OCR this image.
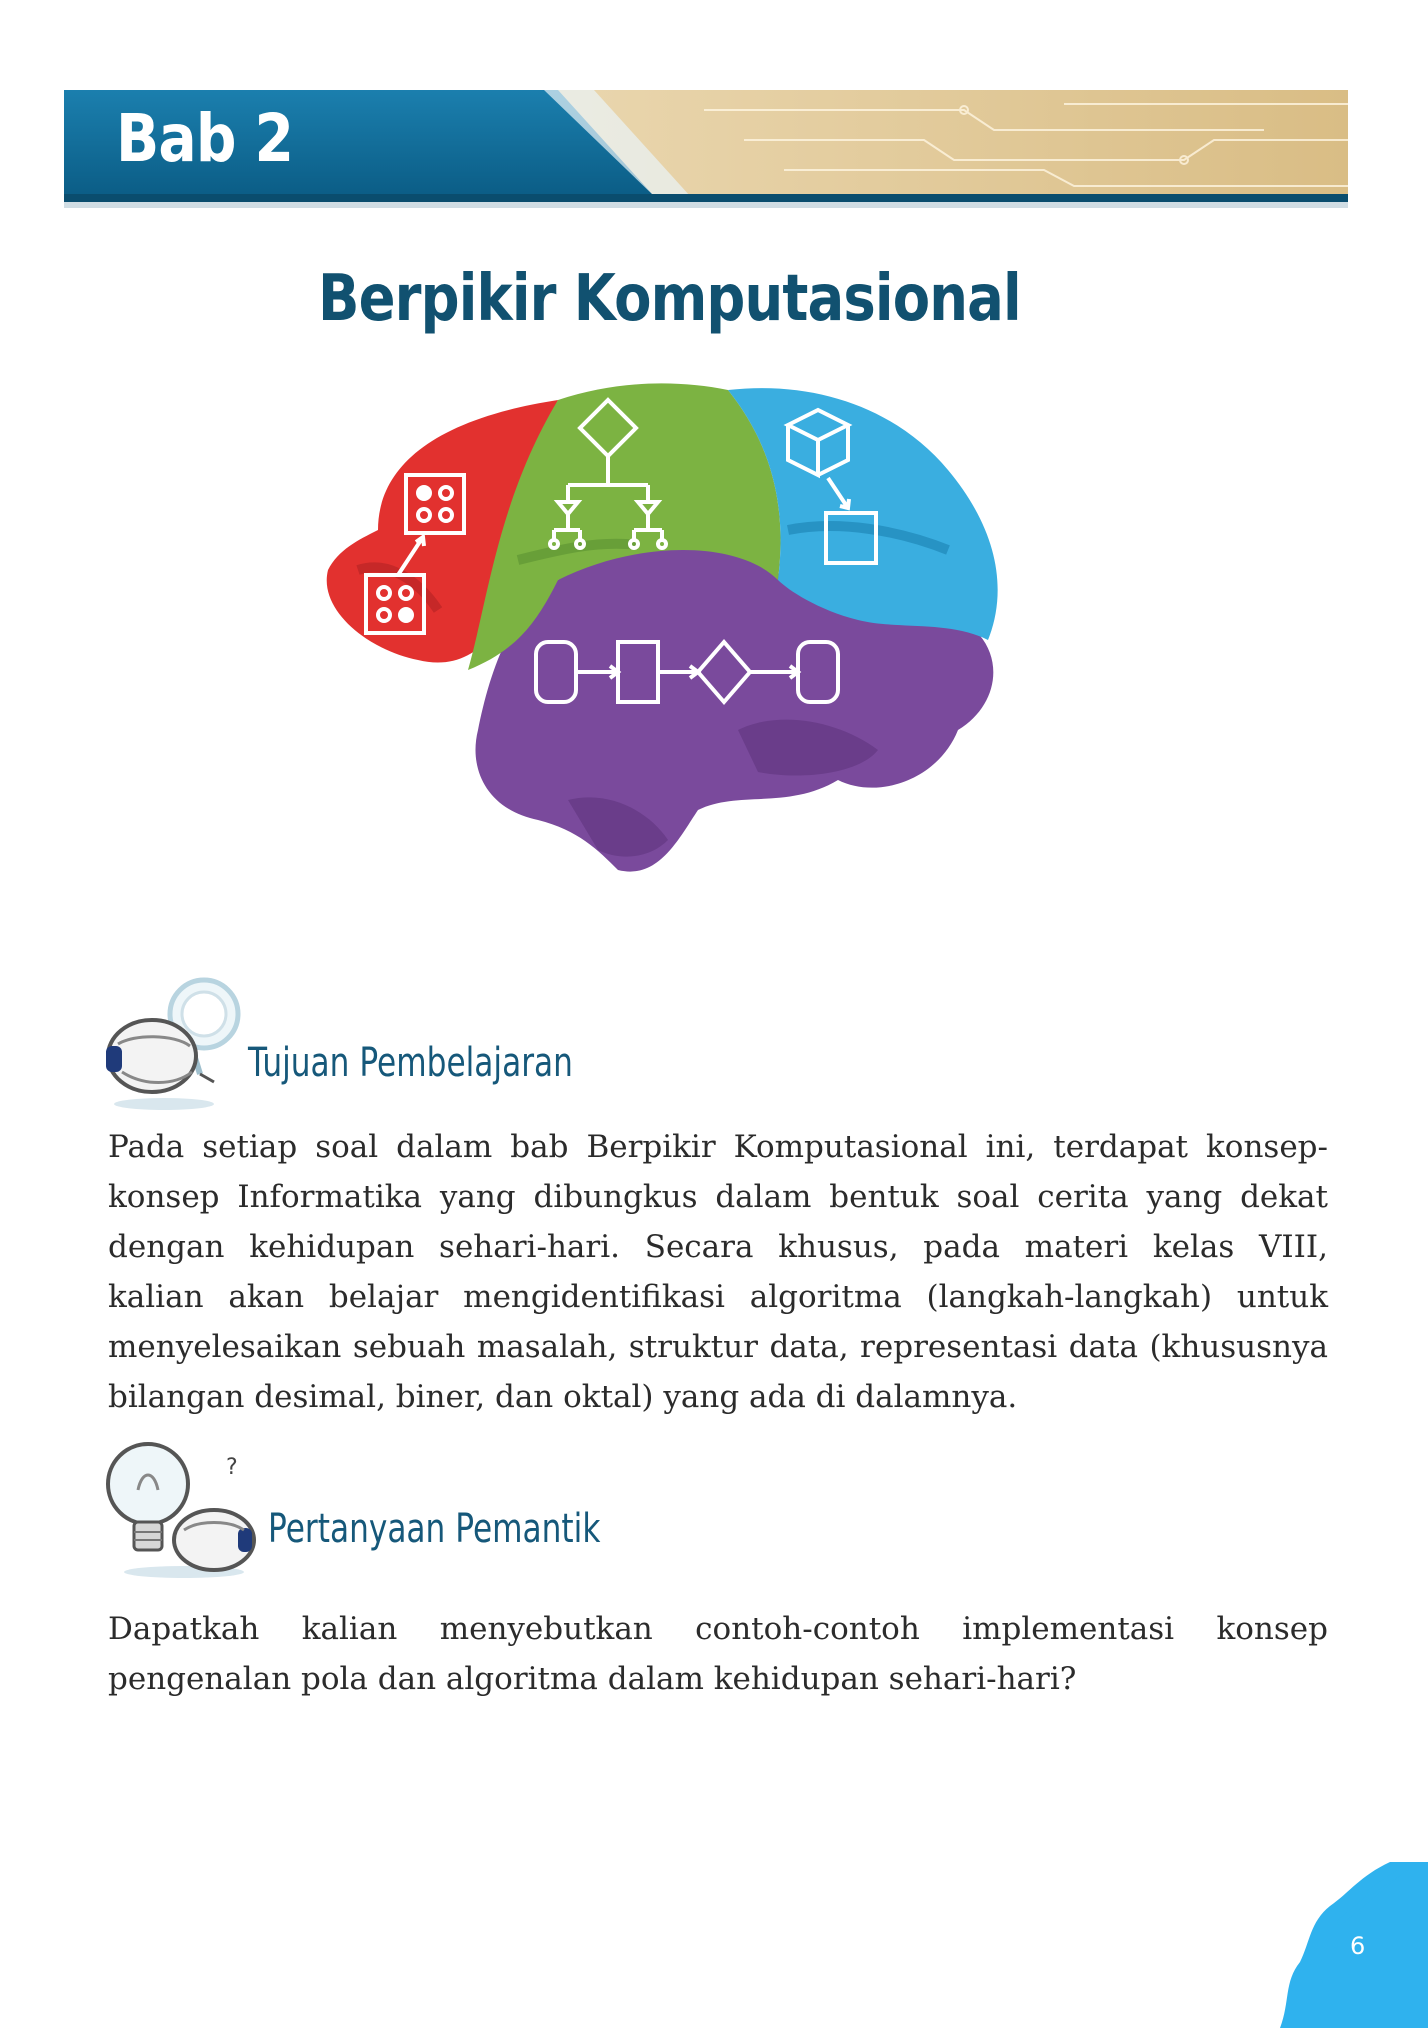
Bab 2
Berpikir Komputasional
Tujuan Pembelajaran

Pada setiap soal dalam bab Berpikir Komputasional ini, terdapat konsep-
konsep Informatika yang dibungkus dalam bentuk soal cerita yang dekat
dengan kehidupan sehari-hari. Secara khusus, pada materi kelas VIII,
kalian akan belajar mengidentifikasi algoritma (langkah-langkah) untuk
menyelesaikan sebuah masalah, struktur data, representasi data (khususnya
bilangan desimal, biner, dan oktal) yang ada di dalamnya.

?
Pertanyaan Pemantik

Dapatkah kalian menyebutkan contoh-contoh implementasi konsep
pengenalan pola dan algoritma dalam kehidupan sehari-hari?

6
